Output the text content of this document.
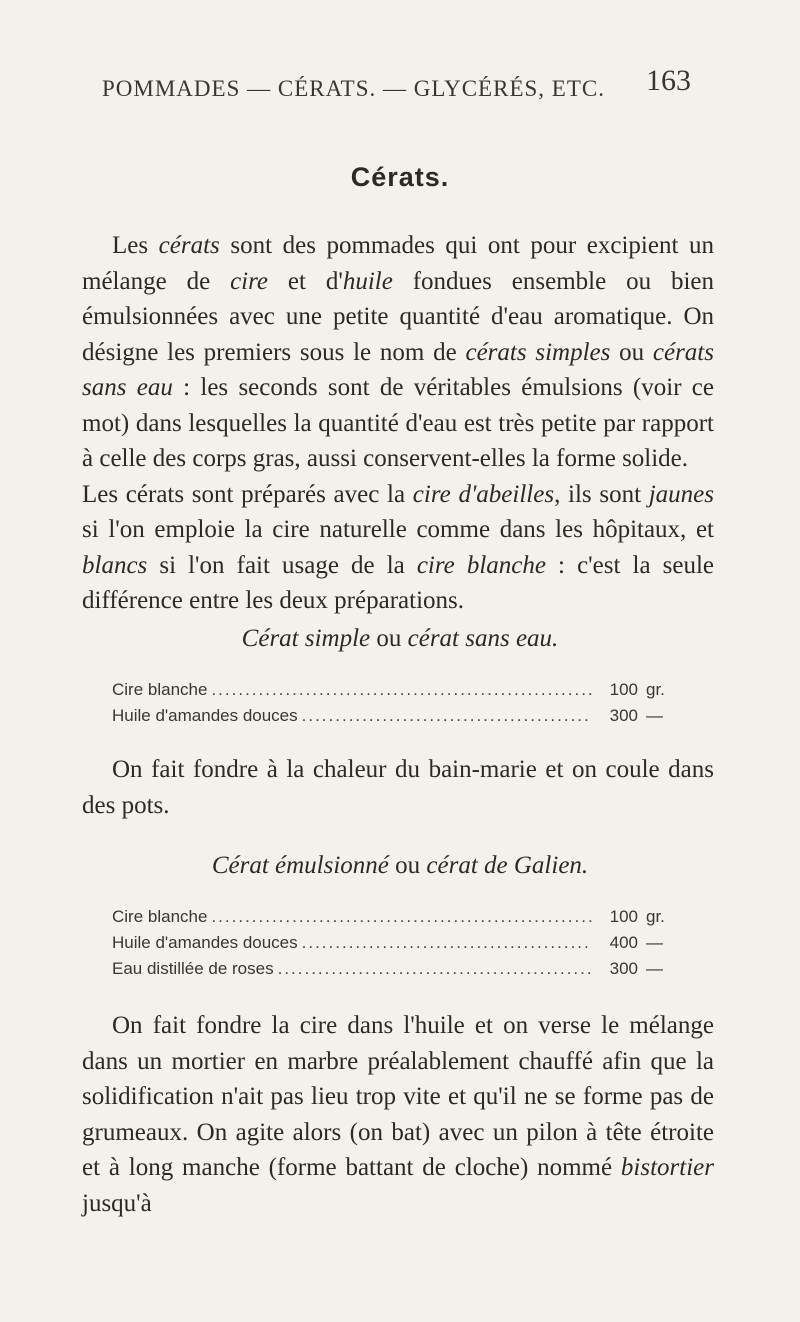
POMMADES — CÉRATS. — GLYCÉRÉS, ETC.	163
Cérats.

Les cérats sont des pommades qui ont pour excipient un mélange de cire et d'huile fondues ensemble ou bien émulsionnées avec une petite quantité d'eau aromatique. On désigne les premiers sous le nom de cérats simples ou cérats sans eau : les seconds sont de véritables émulsions (voir ce mot) dans lesquelles la quantité d'eau est très petite par rapport à celle des corps gras, aussi conservent-elles la forme solide.

Les cérats sont préparés avec la cire d'abeilles, ils sont jaunes si l'on emploie la cire naturelle comme dans les hôpitaux, et blancs si l'on fait usage de la cire blanche : c'est la seule différence entre les deux préparations.

Cérat simple ou cérat sans eau.
Cire blanche .....	100 gr.
Huile d'amandes douces .....	300 —

On fait fondre à la chaleur du bain-marie et on coule dans des pots.

Cérat émulsionné ou cérat de Galien.
Cire blanche .....	100 gr.
Huile d'amandes douces .....	400 —
Eau distillée de roses .....	300 —

On fait fondre la cire dans l'huile et on verse le mélange dans un mortier en marbre préalablement chauffé afin que la solidification n'ait pas lieu trop vite et qu'il ne se forme pas de grumeaux. On agite alors (on bat) avec un pilon à tête étroite et à long manche (forme battant de cloche) nommé bistortier jusqu'à
